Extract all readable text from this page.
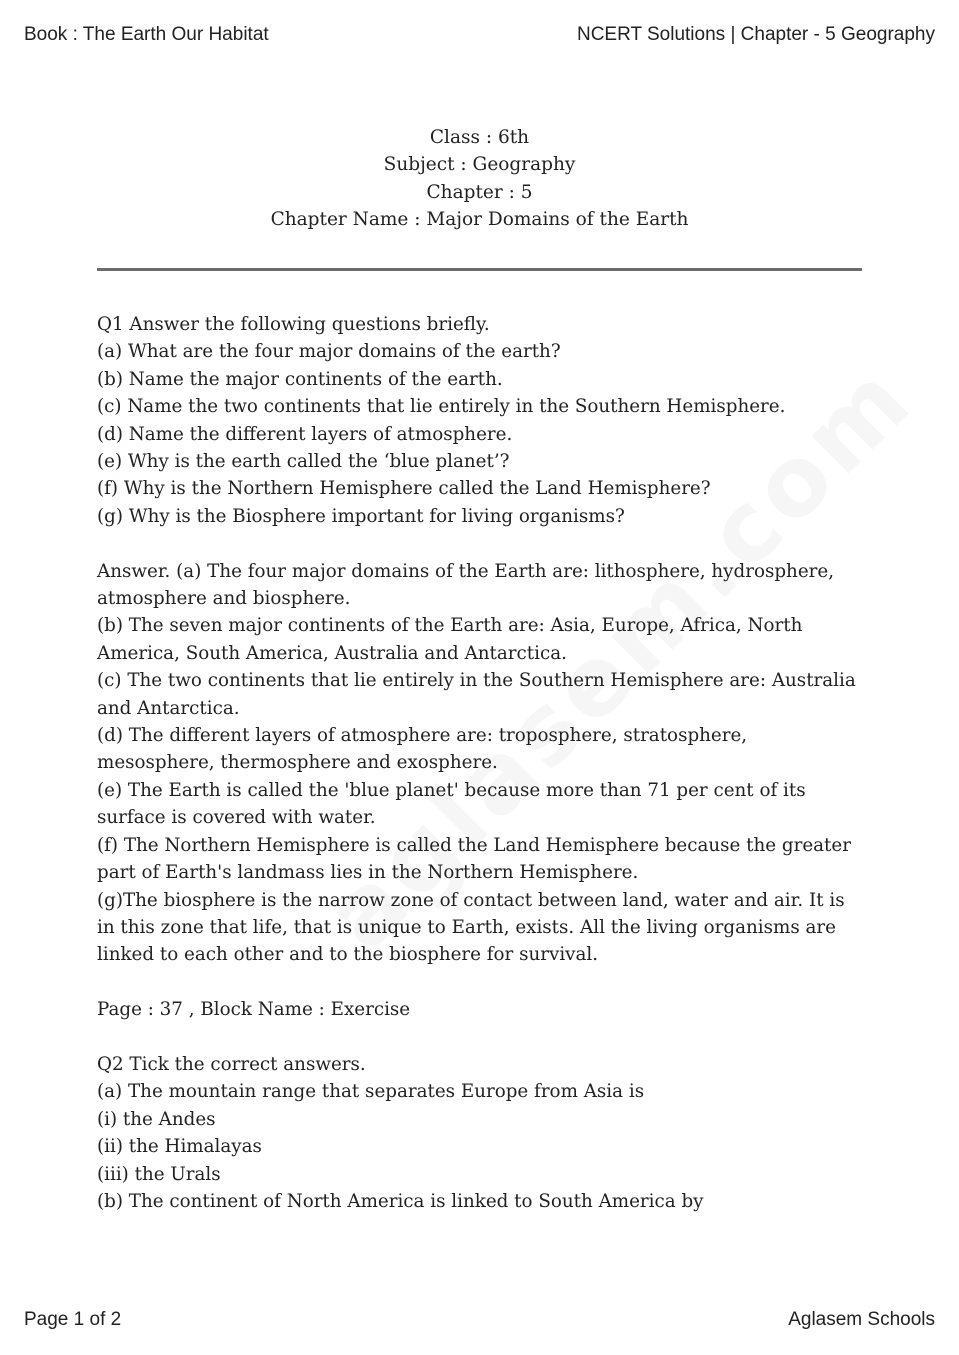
Book : The Earth Our Habitat	NCERT Solutions | Chapter - 5 Geography
Class : 6th
Subject : Geography
Chapter : 5
Chapter Name : Major Domains of the Earth
Q1 Answer the following questions briefly.
(a) What are the four major domains of the earth?
(b) Name the major continents of the earth.
(c) Name the two continents that lie entirely in the Southern Hemisphere.
(d) Name the different layers of atmosphere.
(e) Why is the earth called the ‘blue planet’?
(f) Why is the Northern Hemisphere called the Land Hemisphere?
(g) Why is the Biosphere important for living organisms?
Answer. (a) The four major domains of the Earth are: lithosphere, hydrosphere, atmosphere and biosphere.
(b) The seven major continents of the Earth are: Asia, Europe, Africa, North America, South America, Australia and Antarctica.
(c) The two continents that lie entirely in the Southern Hemisphere are: Australia and Antarctica.
(d) The different layers of atmosphere are: troposphere, stratosphere, mesosphere, thermosphere and exosphere.
(e) The Earth is called the 'blue planet' because more than 71 per cent of its surface is covered with water.
(f) The Northern Hemisphere is called the Land Hemisphere because the greater part of Earth's landmass lies in the Northern Hemisphere.
(g)The biosphere is the narrow zone of contact between land, water and air. It is in this zone that life, that is unique to Earth, exists. All the living organisms are linked to each other and to the biosphere for survival.
Page : 37 , Block Name : Exercise
Q2 Tick the correct answers.
(a) The mountain range that separates Europe from Asia is
(i) the Andes
(ii) the Himalayas
(iii) the Urals
(b) The continent of North America is linked to South America by
Page 1 of 2	Aglasem Schools
